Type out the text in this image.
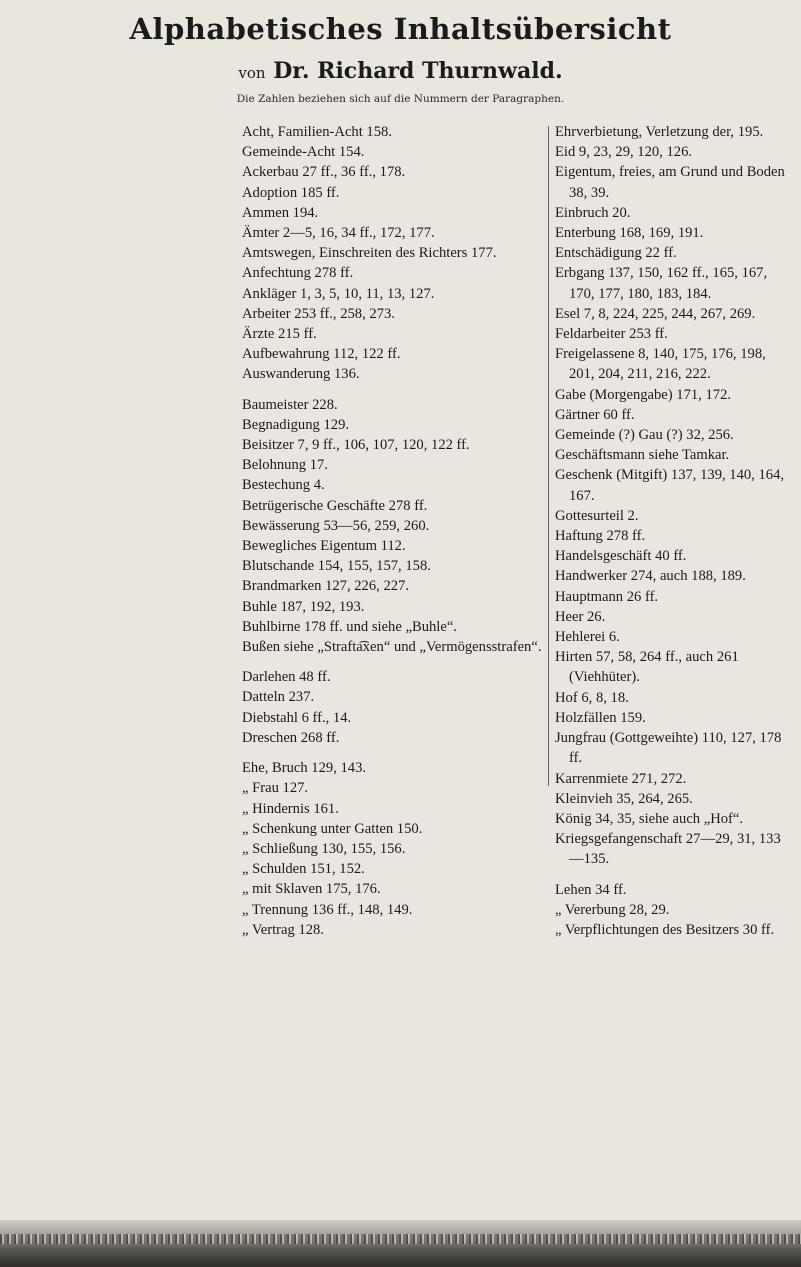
Alphabetisches Inhaltsübersicht
von Dr. Richard Thurnwald.
Die Zahlen beziehen sich auf die Nummern der Paragraphen.
Acht, Familien-Acht 158.
Gemeinde-Acht 154.
Ackerbau 27 ff., 36 ff., 178.
Adoption 185 ff.
Ammen 194.
Ämter 2—5, 16, 34 ff., 172, 177.
Amtswegen, Einschreiten des Richters 177.
Anfechtung 278 ff.
Ankläger 1, 3, 5, 10, 11, 13, 127.
Arbeiter 253 ff., 258, 273.
Ärzte 215 ff.
Aufbewahrung 112, 122 ff.
Auswanderung 136.
Baumeister 228.
Begnadigung 129.
Beisitzer 7, 9 ff., 106, 107, 120, 122 ff.
Belohnung 17.
Bestechung 4.
Betrügerische Geschäfte 278 ff.
Bewässerung 53—56, 259, 260.
Bewegliches Eigentum 112.
Blutschande 154, 155, 157, 158.
Brandmarken 127, 226, 227.
Buhle 187, 192, 193.
Buhlbirne 178 ff. und siehe „Buhle“.
Bußen siehe „Strafta͡xen“ und „Vermögensstrafen“.
Darlehen 48 ff.
Datteln 237.
Diebstahl 6 ff., 14.
Dreschen 268 ff.
Ehe, Bruch 129, 143.
„ Frau 127.
„ Hindernis 161.
„ Schenkung unter Gatten 150.
„ Schließung 130, 155, 156.
„ Schulden 151, 152.
„ mit Sklaven 175, 176.
„ Trennung 136 ff., 148, 149.
„ Vertrag 128.
Ehrverbietung, Verletzung der, 195.
Eid 9, 23, 29, 120, 126.
Eigentum, freies, am Grund und Boden 38, 39.
Einbruch 20.
Enterbung 168, 169, 191.
Entschädigung 22 ff.
Erbgang 137, 150, 162 ff., 165, 167, 170, 177, 180, 183, 184.
Esel 7, 8, 224, 225, 244, 267, 269.
Feldarbeiter 253 ff.
Freigelassene 8, 140, 175, 176, 198, 201, 204, 211, 216, 222.
Gabe (Morgengabe) 171, 172.
Gärtner 60 ff.
Gemeinde (?) Gau (?) 32, 256.
Geschäftsmann siehe Tamkar.
Geschenk (Mitgift) 137, 139, 140, 164, 167.
Gottesurteil 2.
Haftung 278 ff.
Handelsgeschäft 40 ff.
Handwerker 274, auch 188, 189.
Hauptmann 26 ff.
Heer 26.
Hehlerei 6.
Hirten 57, 58, 264 ff., auch 261 (Viehhüter).
Hof 6, 8, 18.
Holzfällen 159.
Jungfrau (Gottgeweihte) 110, 127, 178 ff.
Karrenmiete 271, 272.
Kleinvieh 35, 264, 265.
König 34, 35, siehe auch „Hof“.
Kriegsgefangenschaft 27—29, 31, 133—135.
Lehen 34 ff.
„ Vererbung 28, 29.
„ Verpflichtungen des Besitzers 30 ff.
